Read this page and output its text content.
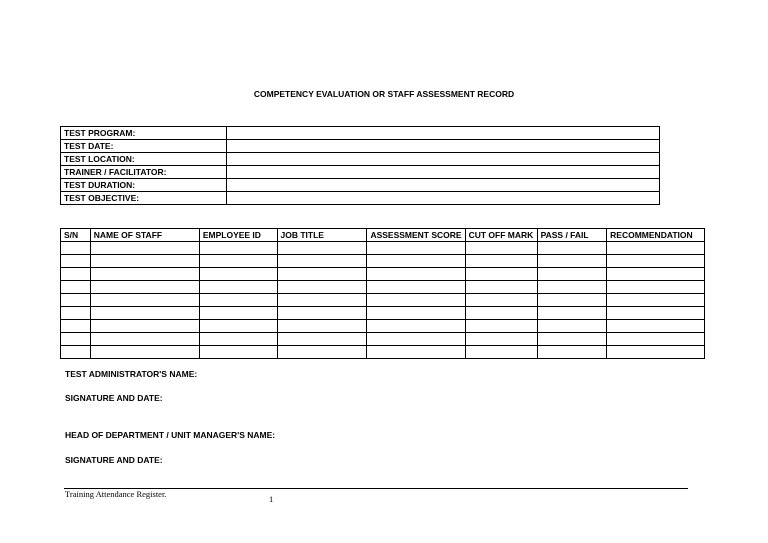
COMPETENCY EVALUATION OR STAFF ASSESSMENT RECORD
TEST PROGRAM:	
TEST DATE:	
TEST LOCATION:	
TRAINER / FACILITATOR:	
TEST DURATION:	
TEST OBJECTIVE:	
S/N	NAME OF STAFF	EMPLOYEE ID	JOB TITLE	ASSESSMENT SCORE	CUT OFF MARK	PASS / FAIL	RECOMMENDATION

TEST ADMINISTRATOR'S NAME:
SIGNATURE AND DATE:
HEAD OF DEPARTMENT / UNIT MANAGER'S NAME:
SIGNATURE AND DATE:
Training Attendance Register.	1
